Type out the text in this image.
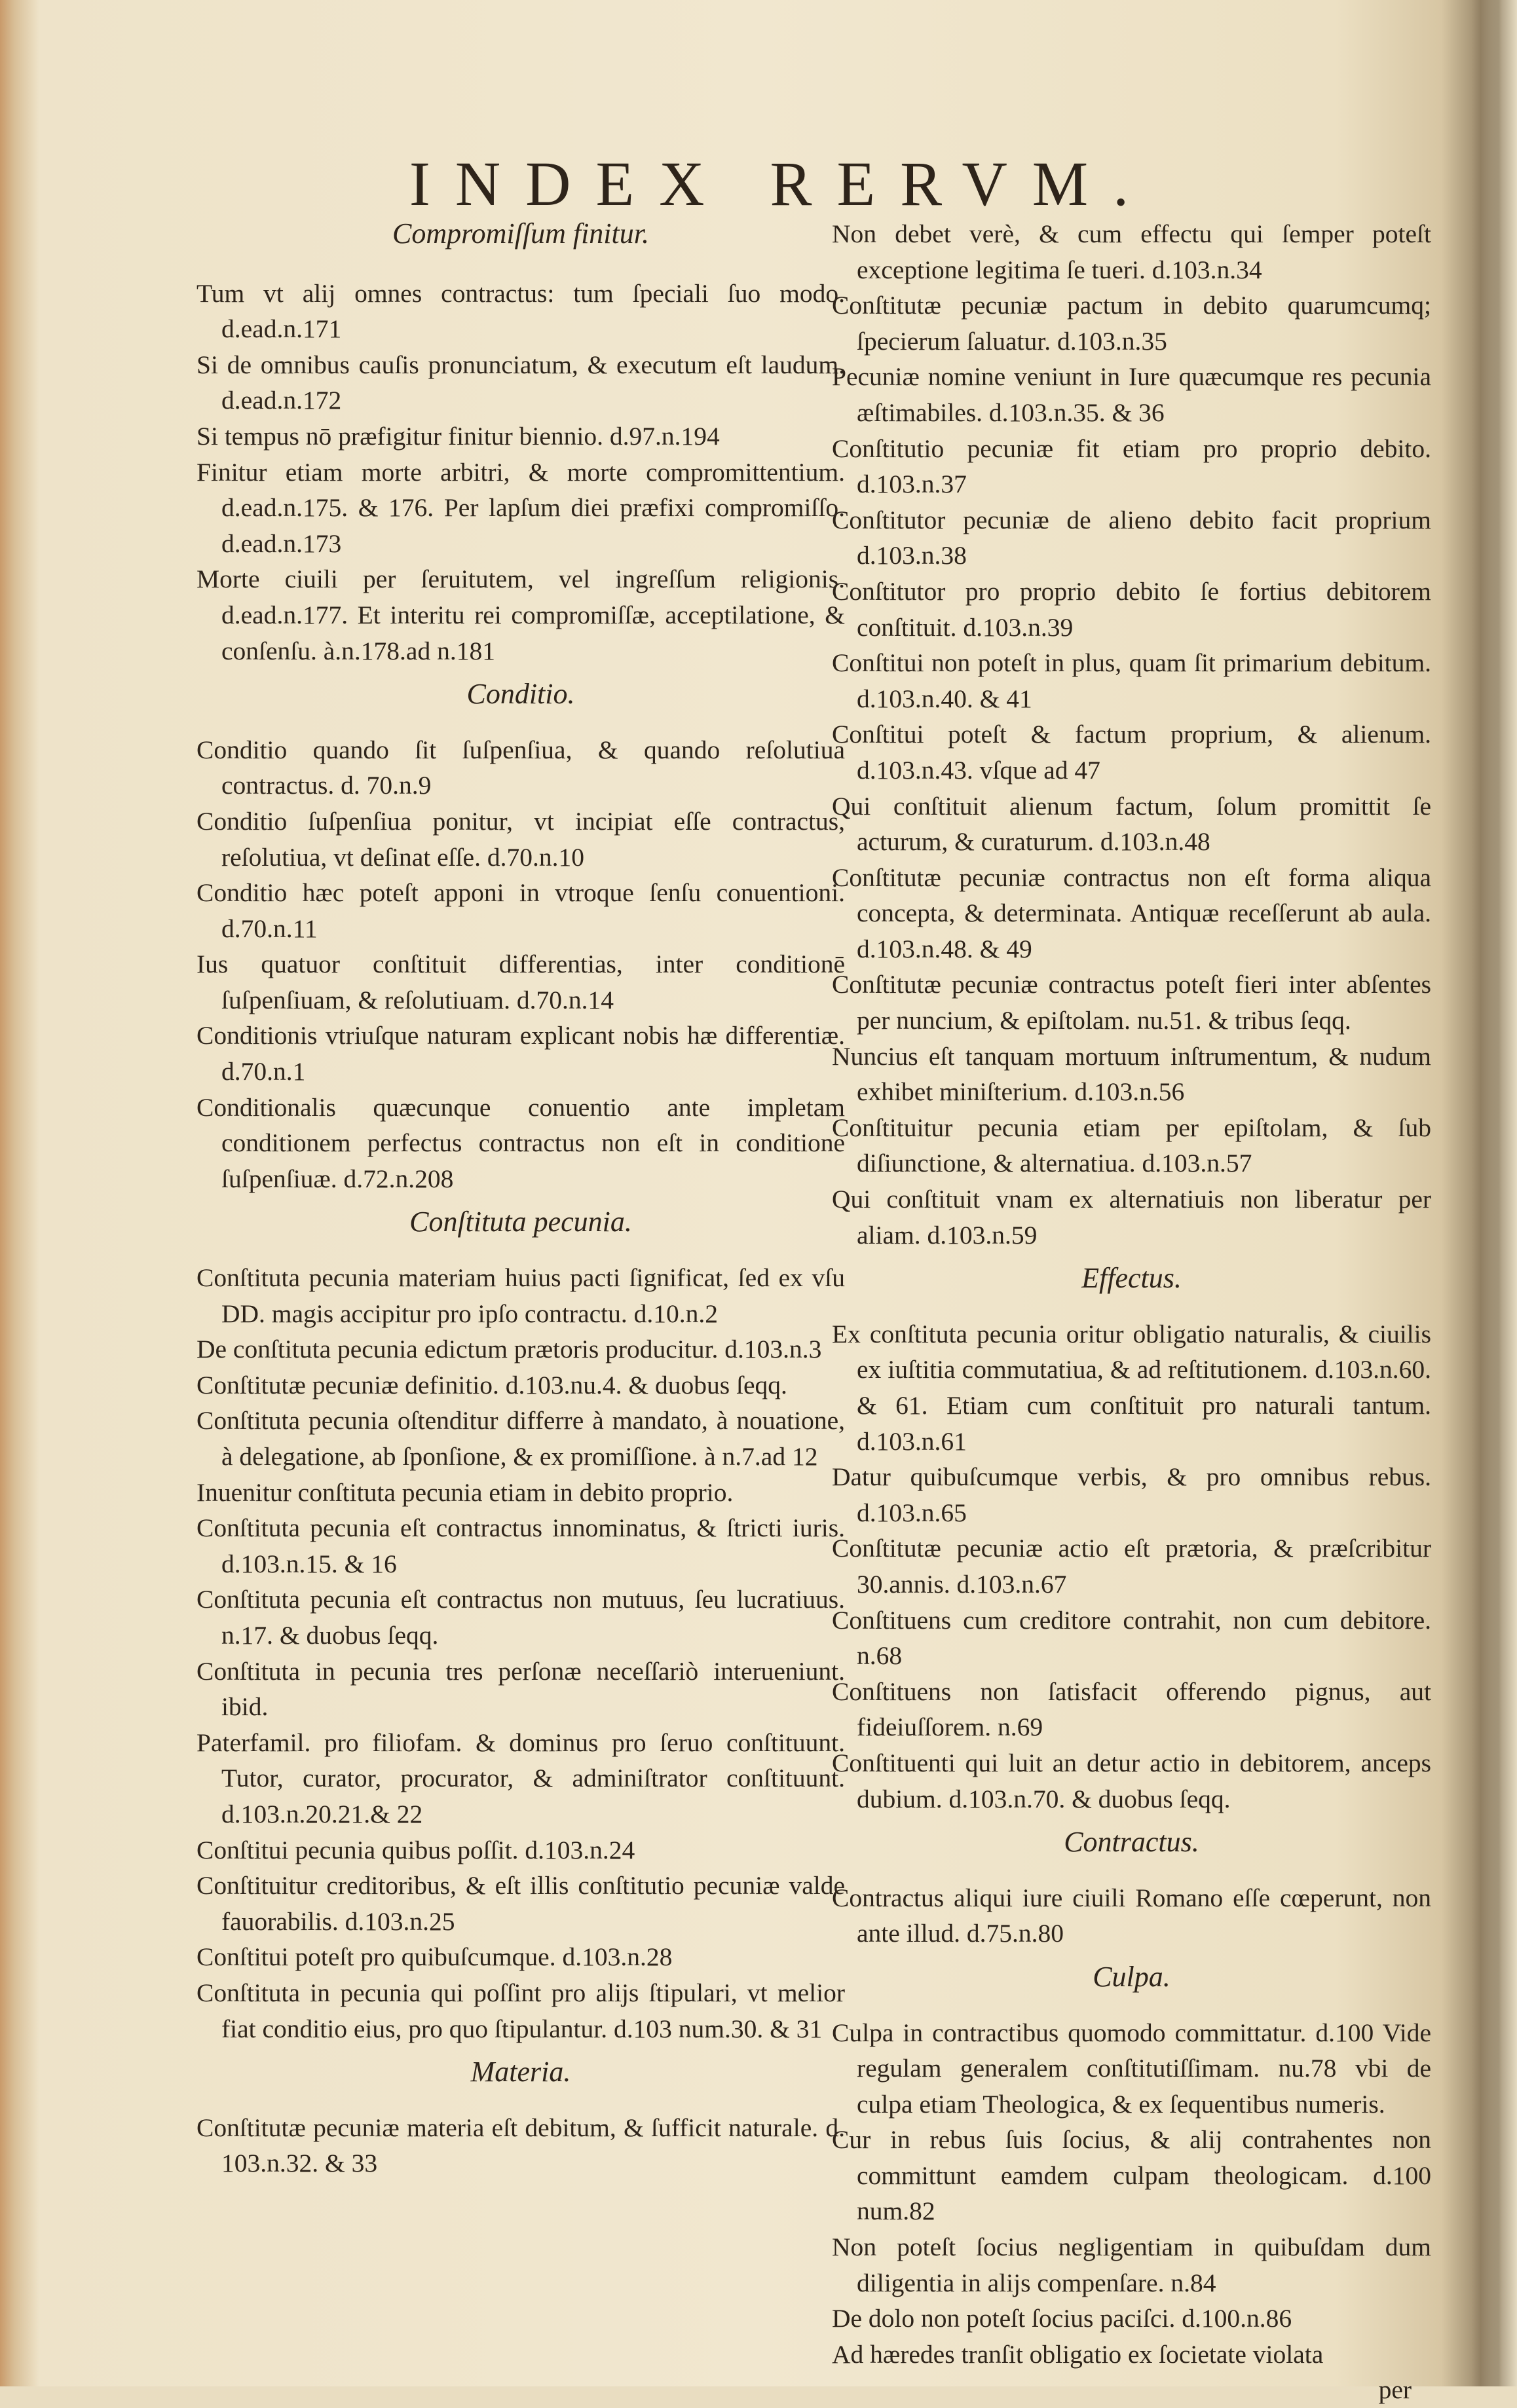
INDEX RERVM.
Compromiſſum finitur.
Tum vt alij omnes contractus: tum ſpeciali ſuo modo. d.ead.n.171
Si de omnibus cauſis pronunciatum, & executum eſt laudum. d.ead.n.172
Si tempus nō præfigitur finitur biennio. d.97.n.194
Finitur etiam morte arbitri, & morte compromittentium. d.ead.n.175. & 176. Per lapſum diei præfixi compromiſſo. d.ead.n.173
Morte ciuili per ſeruitutem, vel ingreſſum religionis. d.ead.n.177. Et interitu rei compromiſſæ, acceptilatione, & conſenſu. à.n.178.ad n.181
Conditio.
Conditio quando ſit ſuſpenſiua, & quando reſolutiua contractus. d. 70.n.9
Conditio ſuſpenſiua ponitur, vt incipiat eſſe contractus, reſolutiua, vt deſinat eſſe. d.70.n.10
Conditio hæc poteſt apponi in vtroque ſenſu conuentioni. d.70.n.11
Ius quatuor conſtituit differentias, inter conditionē ſuſpenſiuam, & reſolutiuam. d.70.n.14
Conditionis vtriuſque naturam explicant nobis hæ differentiæ. d.70.n.1
Conditionalis quæcunque conuentio ante impletam conditionem perfectus contractus non eſt in conditione ſuſpenſiuæ. d.72.n.208
Conſtituta pecunia.
Conſtituta pecunia materiam huius pacti ſignificat, ſed ex vſu DD. magis accipitur pro ipſo contractu. d.10.n.2
De conſtituta pecunia edictum prætoris producitur. d.103.n.3
Conſtitutæ pecuniæ definitio. d.103.nu.4. & duobus ſeqq.
Conſtituta pecunia oſtenditur differre à mandato, à nouatione, à delegatione, ab ſponſione, & ex promiſſione. à n.7.ad 12
Inuenitur conſtituta pecunia etiam in debito proprio.
Conſtituta pecunia eſt contractus innominatus, & ſtricti iuris. d.103.n.15. & 16
Conſtituta pecunia eſt contractus non mutuus, ſeu lucratiuus. n.17. & duobus ſeqq.
Conſtituta in pecunia tres perſonæ neceſſariò interueniunt. ibid.
Paterfamil. pro filiofam. & dominus pro ſeruo conſtituunt. Tutor, curator, procurator, & adminiſtrator conſtituunt. d.103.n.20.21.& 22
Conſtitui pecunia quibus poſſit. d.103.n.24
Conſtituitur creditoribus, & eſt illis conſtitutio pecuniæ valde fauorabilis. d.103.n.25
Conſtitui poteſt pro quibuſcumque. d.103.n.28
Conſtituta in pecunia qui poſſint pro alijs ſtipulari, vt melior fiat conditio eius, pro quo ſtipulantur. d.103 num.30. & 31
Materia.
Conſtitutæ pecuniæ materia eſt debitum, & ſufficit naturale. d. 103.n.32. & 33
Non debet verè, & cum effectu qui ſemper poteſt exceptione legitima ſe tueri. d.103.n.34
Conſtitutæ pecuniæ pactum in debito quarumcumq; ſpecierum ſaluatur. d.103.n.35
Pecuniæ nomine veniunt in Iure quæcumque res pecunia æſtimabiles. d.103.n.35. & 36
Conſtitutio pecuniæ fit etiam pro proprio debito. d.103.n.37
Conſtitutor pecuniæ de alieno debito facit proprium d.103.n.38
Conſtitutor pro proprio debito ſe fortius debitorem conſtituit. d.103.n.39
Conſtitui non poteſt in plus, quam ſit primarium debitum. d.103.n.40. & 41
Conſtitui poteſt & factum proprium, & alienum. d.103.n.43. vſque ad 47
Qui conſtituit alienum factum, ſolum promittit ſe acturum, & curaturum. d.103.n.48
Conſtitutæ pecuniæ contractus non eſt forma aliqua concepta, & determinata. Antiquæ receſſerunt ab aula. d.103.n.48. & 49
Conſtitutæ pecuniæ contractus poteſt fieri inter abſentes per nuncium, & epiſtolam. nu.51. & tribus ſeqq.
Nuncius eſt tanquam mortuum inſtrumentum, & nudum exhibet miniſterium. d.103.n.56
Conſtituitur pecunia etiam per epiſtolam, & ſub diſiunctione, & alternatiua. d.103.n.57
Qui conſtituit vnam ex alternatiuis non liberatur per aliam. d.103.n.59
Effectus.
Ex conſtituta pecunia oritur obligatio naturalis, & ciuilis ex iuſtitia commutatiua, & ad reſtitutionem. d.103.n.60. & 61. Etiam cum conſtituit pro naturali tantum. d.103.n.61
Datur quibuſcumque verbis, & pro omnibus rebus. d.103.n.65
Conſtitutæ pecuniæ actio eſt prætoria, & præſcribitur 30.annis. d.103.n.67
Conſtituens cum creditore contrahit, non cum debitore. n.68
Conſtituens non ſatisfacit offerendo pignus, aut fideiuſſorem. n.69
Conſtituenti qui luit an detur actio in debitorem, anceps dubium. d.103.n.70. & duobus ſeqq.
Contractus.
Contractus aliqui iure ciuili Romano eſſe cœperunt, non ante illud. d.75.n.80
Culpa.
Culpa in contractibus quomodo committatur. d.100 Vide regulam generalem conſtitutiſſimam. nu.78 vbi de culpa etiam Theologica, & ex ſequentibus numeris.
Cur in rebus ſuis ſocius, & alij contrahentes non committunt eamdem culpam theologicam. d.100 num.82
Non poteſt ſocius negligentiam in quibuſdam dum diligentia in alijs compenſare. n.84
De dolo non poteſt ſocius paciſci. d.100.n.86
Ad hæredes tranſit obligatio ex ſocietate violata
per
